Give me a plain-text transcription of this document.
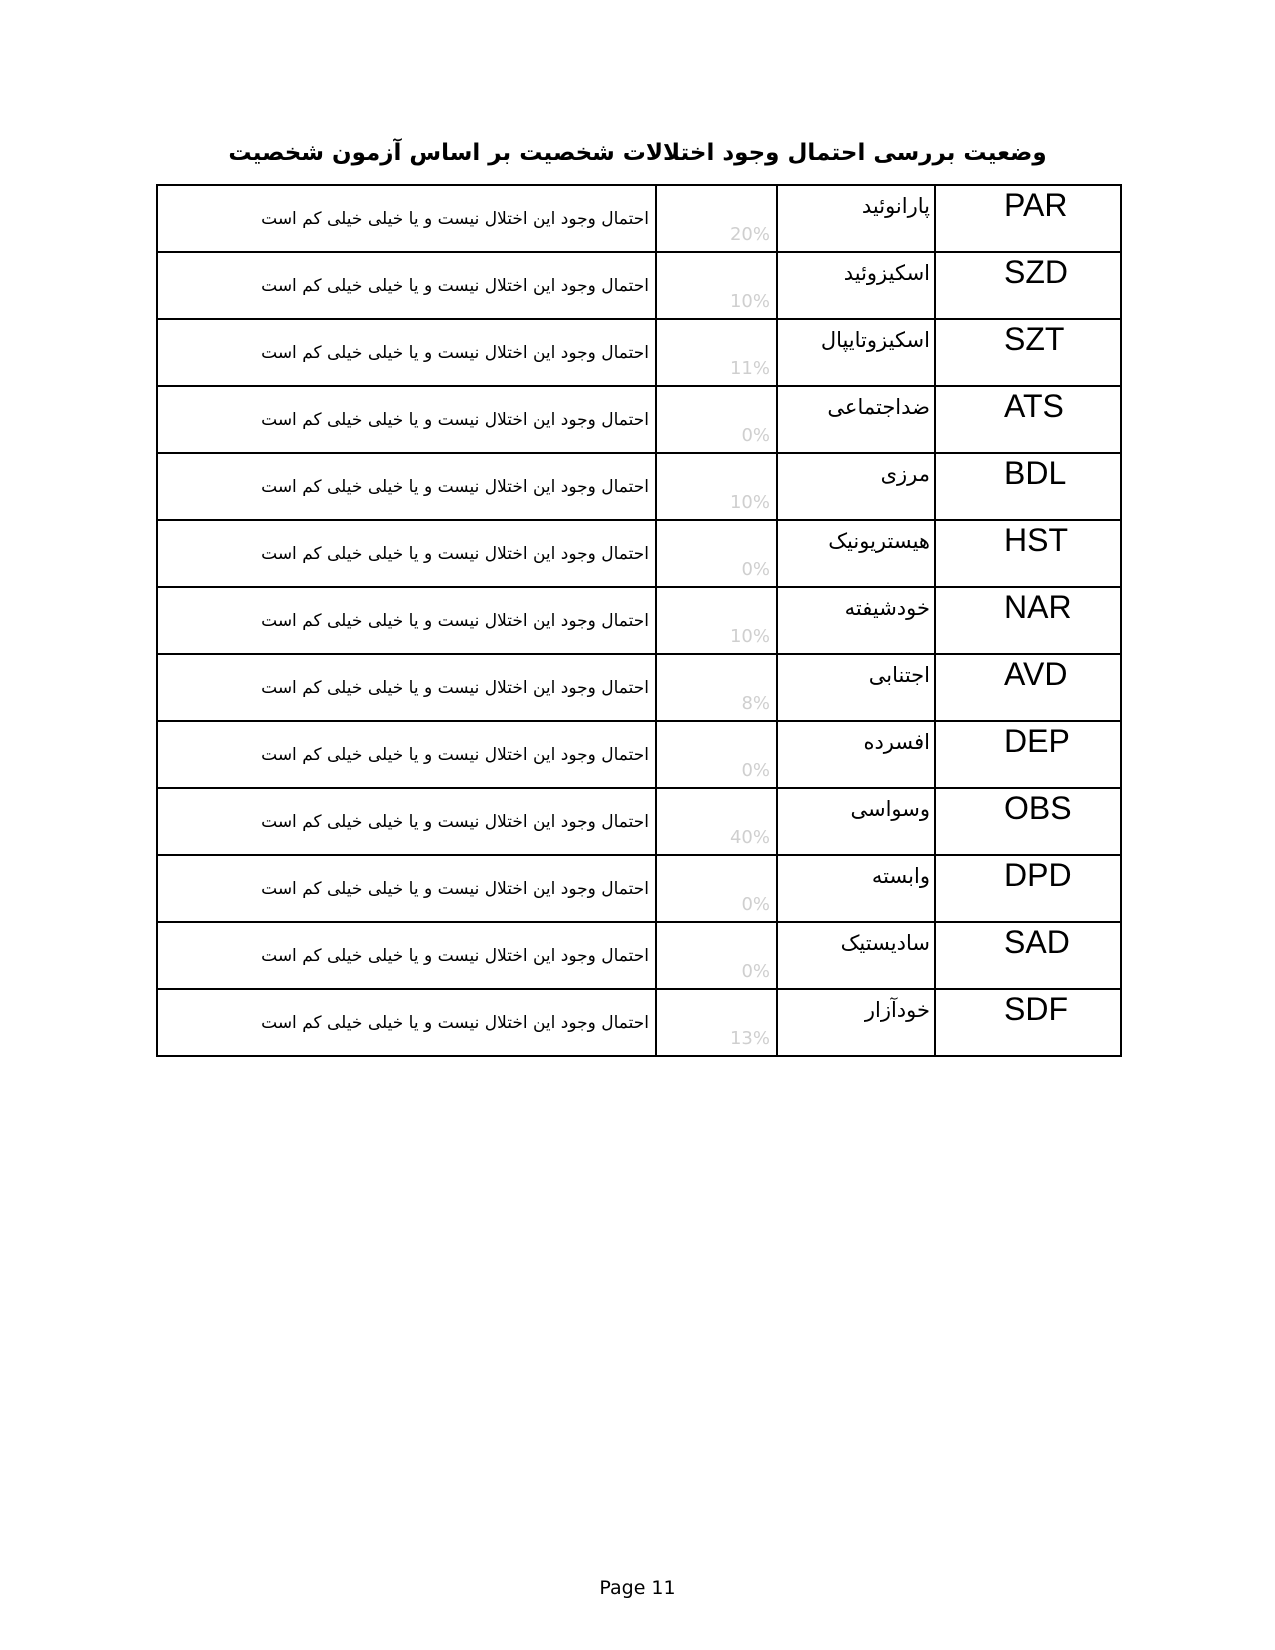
وضعیت بررسی احتمال وجود اختلالات شخصیت بر اساس آزمون شخصیت
احتمال وجود این اختلال نیست و یا خیلی خیلی کم است	20%	پارانوئید	PAR
احتمال وجود این اختلال نیست و یا خیلی خیلی کم است	10%	اسکیزوئید	SZD
احتمال وجود این اختلال نیست و یا خیلی خیلی کم است	11%	اسکیزوتایپال	SZT
احتمال وجود این اختلال نیست و یا خیلی خیلی کم است	0%	ضداجتماعی	ATS
احتمال وجود این اختلال نیست و یا خیلی خیلی کم است	10%	مرزی	BDL
احتمال وجود این اختلال نیست و یا خیلی خیلی کم است	0%	هیستریونیک	HST
احتمال وجود این اختلال نیست و یا خیلی خیلی کم است	10%	خودشیفته	NAR
احتمال وجود این اختلال نیست و یا خیلی خیلی کم است	8%	اجتنابی	AVD
احتمال وجود این اختلال نیست و یا خیلی خیلی کم است	0%	افسرده	DEP
احتمال وجود این اختلال نیست و یا خیلی خیلی کم است	40%	وسواسی	OBS
احتمال وجود این اختلال نیست و یا خیلی خیلی کم است	0%	وابسته	DPD
احتمال وجود این اختلال نیست و یا خیلی خیلی کم است	0%	سادیستیک	SAD
احتمال وجود این اختلال نیست و یا خیلی خیلی کم است	13%	خودآزار	SDF
Page 11
